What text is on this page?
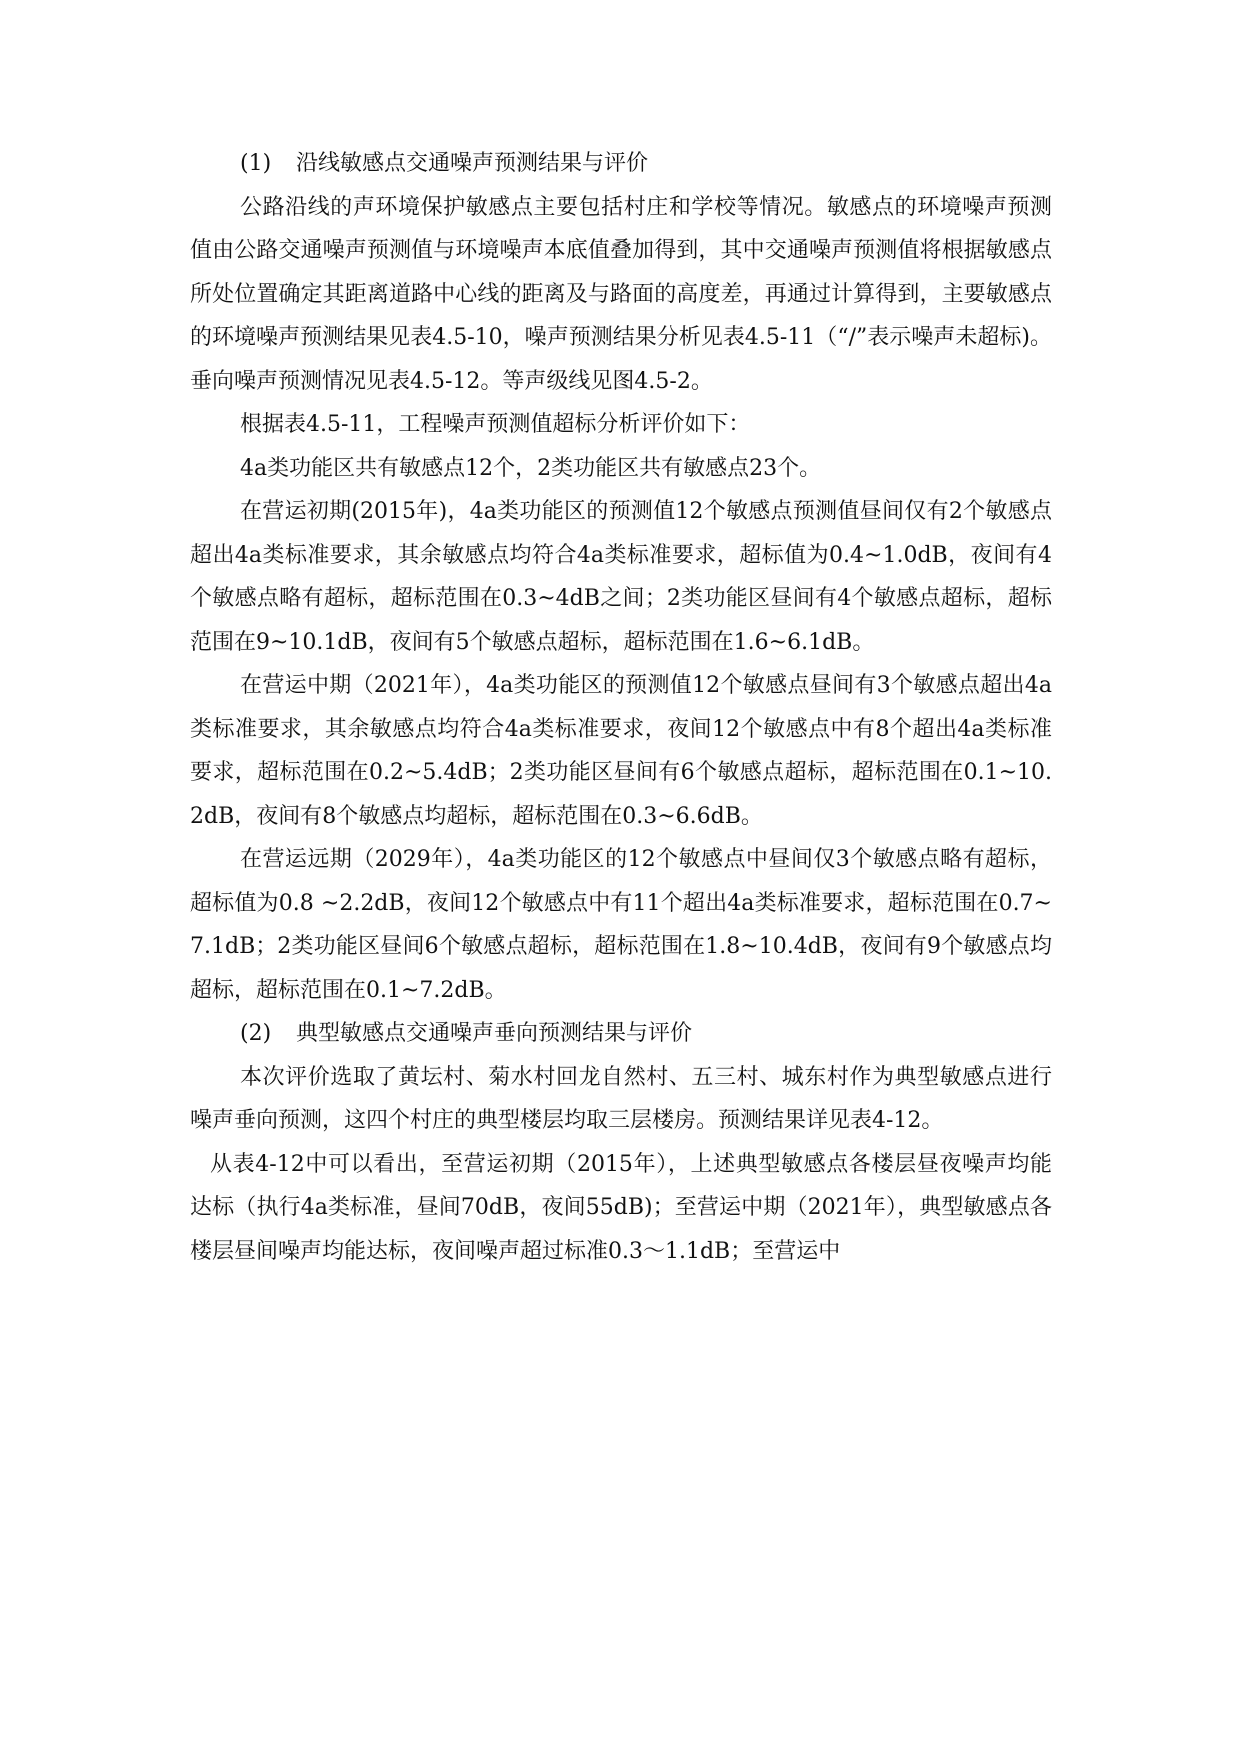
(1) 沿线敏感点交通噪声预测结果与评价

公路沿线的声环境保护敏感点主要包括村庄和学校等情况。敏感点的环境噪声预测值由公路交通噪声预测值与环境噪声本底值叠加得到，其中交通噪声预测值将根据敏感点所处位置确定其距离道路中心线的距离及与路面的高度差，再通过计算得到，主要敏感点的环境噪声预测结果见表4.5-10，噪声预测结果分析见表4.5-11（“/”表示噪声未超标)。垂向噪声预测情况见表4.5-12。等声级线见图4.5-2。

根据表4.5-11，工程噪声预测值超标分析评价如下：

4a类功能区共有敏感点12个，2类功能区共有敏感点23个。

在营运初期(2015年)，4a类功能区的预测值12个敏感点预测值昼间仅有2个敏感点超出4a类标准要求，其余敏感点均符合4a类标准要求，超标值为0.4~1.0dB，夜间有4个敏感点略有超标，超标范围在0.3~4dB之间；2类功能区昼间有4个敏感点超标，超标范围在9~10.1dB，夜间有5个敏感点超标，超标范围在1.6~6.1dB。

在营运中期（2021年），4a类功能区的预测值12个敏感点昼间有3个敏感点超出4a类标准要求，其余敏感点均符合4a类标准要求，夜间12个敏感点中有8个超出4a类标准要求，超标范围在0.2~5.4dB；2类功能区昼间有6个敏感点超标，超标范围在0.1~10.2dB，夜间有8个敏感点均超标，超标范围在0.3~6.6dB。

在营运远期（2029年），4a类功能区的12个敏感点中昼间仅3个敏感点略有超标，超标值为0.8 ~2.2dB，夜间12个敏感点中有11个超出4a类标准要求，超标范围在0.7~7.1dB；2类功能区昼间6个敏感点超标，超标范围在1.8~10.4dB，夜间有9个敏感点均超标，超标范围在0.1~7.2dB。

(2) 典型敏感点交通噪声垂向预测结果与评价

本次评价选取了黄坛村、菊水村回龙自然村、五三村、城东村作为典型敏感点进行噪声垂向预测，这四个村庄的典型楼层均取三层楼房。预测结果详见表4-12。

从表4-12中可以看出，至营运初期（2015年），上述典型敏感点各楼层昼夜噪声均能达标（执行4a类标准，昼间70dB，夜间55dB)；至营运中期（2021年），典型敏感点各楼层昼间噪声均能达标，夜间噪声超过标准0.3～1.1dB；至营运中
